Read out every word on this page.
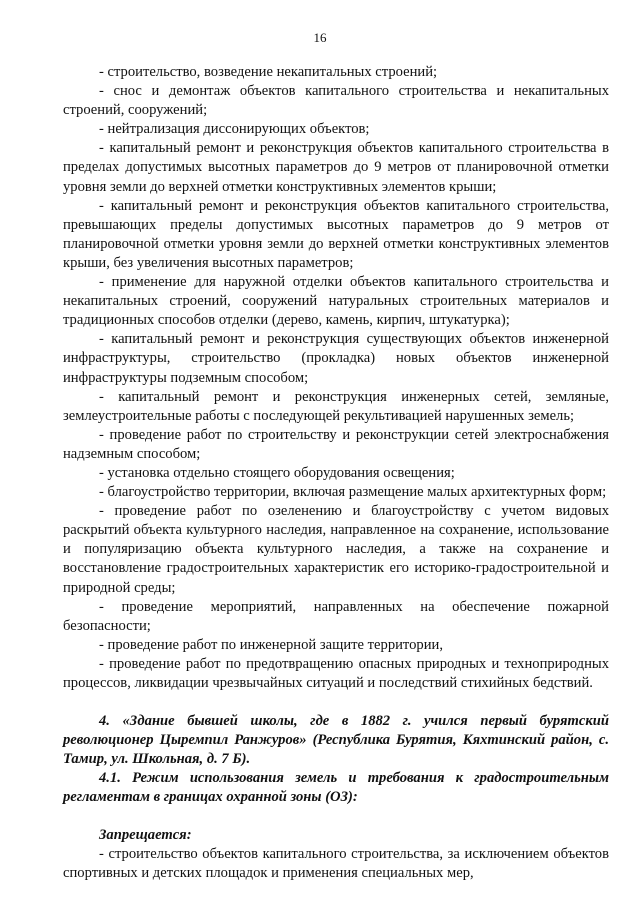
16

- строительство, возведение некапитальных строений;

- снос и демонтаж объектов капитального строительства и некапитальных строений, сооружений;

- нейтрализация диссонирующих объектов;

- капитальный ремонт и реконструкция объектов капитального строительства в пределах допустимых высотных параметров до 9 метров от планировочной отметки уровня земли до верхней отметки конструктивных элементов крыши;

- капитальный ремонт и реконструкция объектов капитального строительства, превышающих пределы допустимых высотных параметров до 9 метров от планировочной отметки уровня земли до верхней отметки конструктивных элементов крыши, без увеличения высотных параметров;

- применение для наружной отделки объектов капитального строительства и некапитальных строений, сооружений натуральных строительных материалов и традиционных способов отделки (дерево, камень, кирпич, штукатурка);

- капитальный ремонт и реконструкция существующих объектов инженерной инфраструктуры, строительство (прокладка) новых объектов инженерной инфраструктуры подземным способом;

- капитальный ремонт и реконструкция инженерных сетей, земляные, землеустроительные работы с последующей рекультивацией нарушенных земель;

- проведение работ по строительству и реконструкции сетей электроснабжения надземным способом;

- установка отдельно стоящего оборудования освещения;

- благоустройство территории, включая размещение малых архитектурных форм;

- проведение работ по озеленению и благоустройству с учетом видовых раскрытий объекта культурного наследия, направленное на сохранение, использование и популяризацию объекта культурного наследия, а также на сохранение и восстановление градостроительных характеристик его историко-градостроительной и природной среды;

- проведение мероприятий, направленных на обеспечение пожарной безопасности;

- проведение работ по инженерной защите территории,

- проведение работ по предотвращению опасных природных и технoприродных процессов, ликвидации чрезвычайных ситуаций и последствий стихийных бедствий.

4. «Здание бывшей школы, где в 1882 г. учился первый бурятский революционер Цыремпил Ранжуров» (Республика Бурятия, Кяхтинский район, с. Тамир, ул. Школьная, д. 7 Б).

4.1. Режим использования земель и требования к градостроительным регламентам в границах охранной зоны (ОЗ):

Запрещается:

- строительство объектов капитального строительства, за исключением объектов спортивных и детских площадок и применения специальных мер,
